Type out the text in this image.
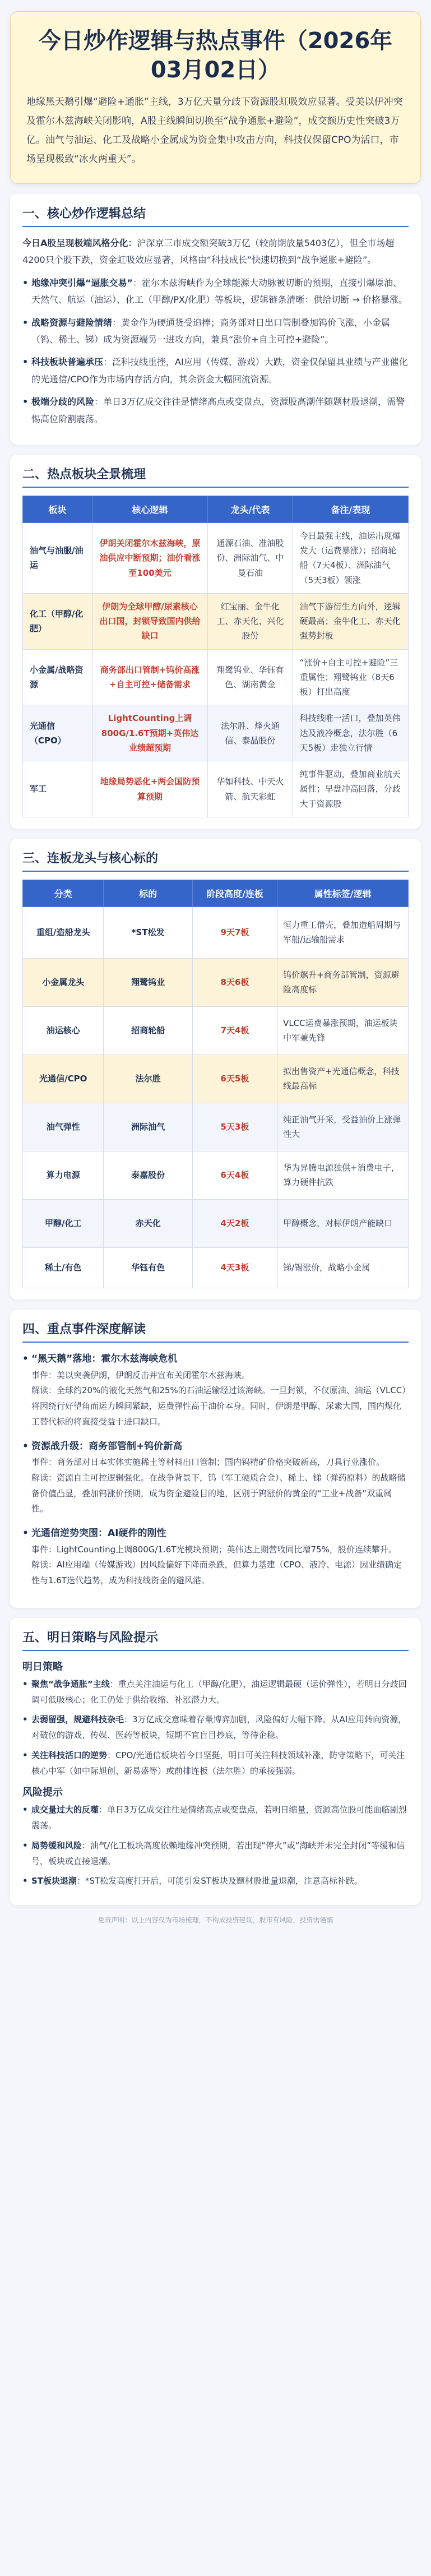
今日炒作逻辑与热点事件（2026年03月02日）
地缘黑天鹅引爆“避险+通胀”主线，3万亿天量分歧下资源股虹吸效应显著。受美以伊冲突及霍尔木兹海峡关闭影响，A股主线瞬间切换至“战争通胀+避险”，成交额历史性突破3万亿。油气与油运、化工及战略小金属成为资金集中攻击方向，科技仅保留CPO为活口，市场呈现极致“冰火两重天”。
一、核心炒作逻辑总结
今日A股呈现极端风格分化：沪深京三市成交额突破3万亿（较前期放量5403亿），但全市场超4200只个股下跌，资金虹吸效应显著，风格由“科技成长”快速切换到“战争通胀+避险”。
• 地缘冲突引爆“逼胀交易”：霍尔木兹海峡作为全球能源大动脉被切断的预期，直接引爆原油、天然气、航运（油运）、化工（甲醇/PX/化肥）等板块，逻辑链条清晰：供给切断 → 价格暴涨。
• 战略资源与避险情绪：黄金作为硬通货受追捧；商务部对日出口管制叠加钨价飞涨，小金属（钨、稀土、锑）成为资源端另一进攻方向，兼具“涨价+自主可控+避险”。
• 科技板块普遍承压：泛科技线重挫，AI应用（传媒、游戏）大跌，资金仅保留具业绩与产业催化的光通信/CPO作为市场内存活方向，其余资金大幅回流资源。
• 极端分歧的风险：单日3万亿成交往往是情绪高点或变盘点，资源股高潮伴随题材股退潮，需警惕高位阶割震荡。
二、热点板块全景梳理
板块	核心逻辑	龙头/代表	备注/表现
油气与油服/油运	伊朗关闭霍尔木兹海峡，原油供应中断预期；油价看涨至100美元	通源石油、准油股份、洲际油气、中曼石油	今日最强主线，油运出现爆发大（运费暴涨）；招商轮船（7天4板）、洲际油气（5天3板）领涨
化工（甲醇/化肥）	伊朗为全球甲醇/尿素核心出口国，封锁导致国内供给缺口	红宝丽、金牛化工、赤天化、兴化股份	油气下游衍生方向外，逻辑硬最高；金牛化工、赤天化强势封板
小金属/战略资源	商务部出口管制+钨价高涨+自主可控+储备需求	翔鹭钨业、华钰有色、湖南黄金	“涨价+自主可控+避险”三重属性；翔鹭钨业（8天6板）打出高度
光通信（CPO）	LightCounting上调800G/1.6T预期+英伟达业绩超预期	法尔胜、烽火通信、泰晶股份	科技线唯一活口，叠加英伟达及液冷概念，法尔胜（6天5板）走独立行情
军工	地缘局势恶化+两会国防预算预期	华如科技、中天火箭、航天彩虹	纯事件驱动，叠加商业航天属性；早盘冲高回落，分歧大于资源股
三、连板龙头与核心标的
分类	标的	阶段高度/连板	属性标签/逻辑
重组/造船龙头	*ST松发	9天7板	恒力重工借壳，叠加造船周期与军船/运输船需求
小金属龙头	翔鹭钨业	8天6板	钨价飙升+商务部管制，资源避险高度标
油运核心	招商轮船	7天4板	VLCC运费暴涨预期，油运板块中军兼先锋
光通信/CPO	法尔胜	6天5板	拟出售资产+光通信概念，科技线最高标
油气弹性	洲际油气	5天3板	纯正油气开采，受益油价上涨弹性大
算力电源	泰嘉股份	6天4板	华为昇腾电源独供+消费电子，算力硬件抗跌
甲醇/化工	赤天化	4天2板	甲醇概念，对标伊朗产能缺口
稀土/有色	华钰有色	4天3板	锑/锡涨价，战略小金属
四、重点事件深度解读
• “黑天鹅”落地：霍尔木兹海峡危机
事件：美以突袭伊朗，伊朗反击并宣布关闭霍尔木兹海峡。
解读：全球约20%的液化天然气和25%的石油运输经过该海峡。一旦封锁，不仅原油、油运（VLCC）将因绕行好望角而运力瞬间紧缺，运费弹性高于油价本身。同时，伊朗是甲醇、尿素大国，国内煤化工替代标的将直接受益于进口缺口。
• 资源战升级：商务部管制+钨价新高
事件：商务部对日本实体实施稀土等材料出口管制；国内钨精矿价格突破新高，刀具行业涨价。
解读：资源自主可控逻辑强化。在战争背景下，钨（军工硬质合金）、稀土、锑（弹药原料）的战略储备价值凸显，叠加钨涨价预期，成为资金避险目的地，区别于钨涨价的黄金的“工业+战备”双重属性。
• 光通信逆势突围：AI硬件的刚性
事件：LightCounting上调800G/1.6T光模块预期；英伟达上期营收同比增75%，股价连续攀升。
解读：AI应用端（传媒游戏）因风险偏好下降而杀跌，但算力基建（CPO、液冷、电源）因业绩确定性与1.6T迭代趋势，成为科技线资金的避风港。
五、明日策略与风险提示
明日策略
• 聚焦“战争通胀”主线：重点关注油运与化工（甲醇/化肥），油运逻辑最硬（运价弹性），若明日分歧回调可低吸核心；化工仍处于供给收缩、补涨潜力大。
• 去弱留强，规避科技杂毛：3万亿成交意味着存量博弈加剧，风险偏好大幅下降。从AI应用转向资源，对破位的游戏、传媒、医药等板块，短期不宜盲目抄底，等待企稳。
• 关注科技活口的逆势：CPO/光通信板块若今日坚挺，明日可关注科技领域补涨，防守策略下，可关注核心中军（如中际旭创、新易盛等）或前排连板（法尔胜）的承接强弱。
风险提示
• 成交量过大的反噬：单日3万亿成交往往是情绪高点或变盘点，若明日缩量，资源高位股可能面临剧烈震荡。
• 局势缓和风险：油气/化工板块高度依赖地缘冲突预期，若出现“停火”或“海峡并未完全封闭”等缓和信号，板块或直接退潮。
• ST板块退潮：*ST松发高度打开后，可能引发ST板块及题材股批量退潮，注意高标补跌。
免责声明：以上内容仅为市场梳理，不构成投资建议，股市有风险，投资需谨慎
